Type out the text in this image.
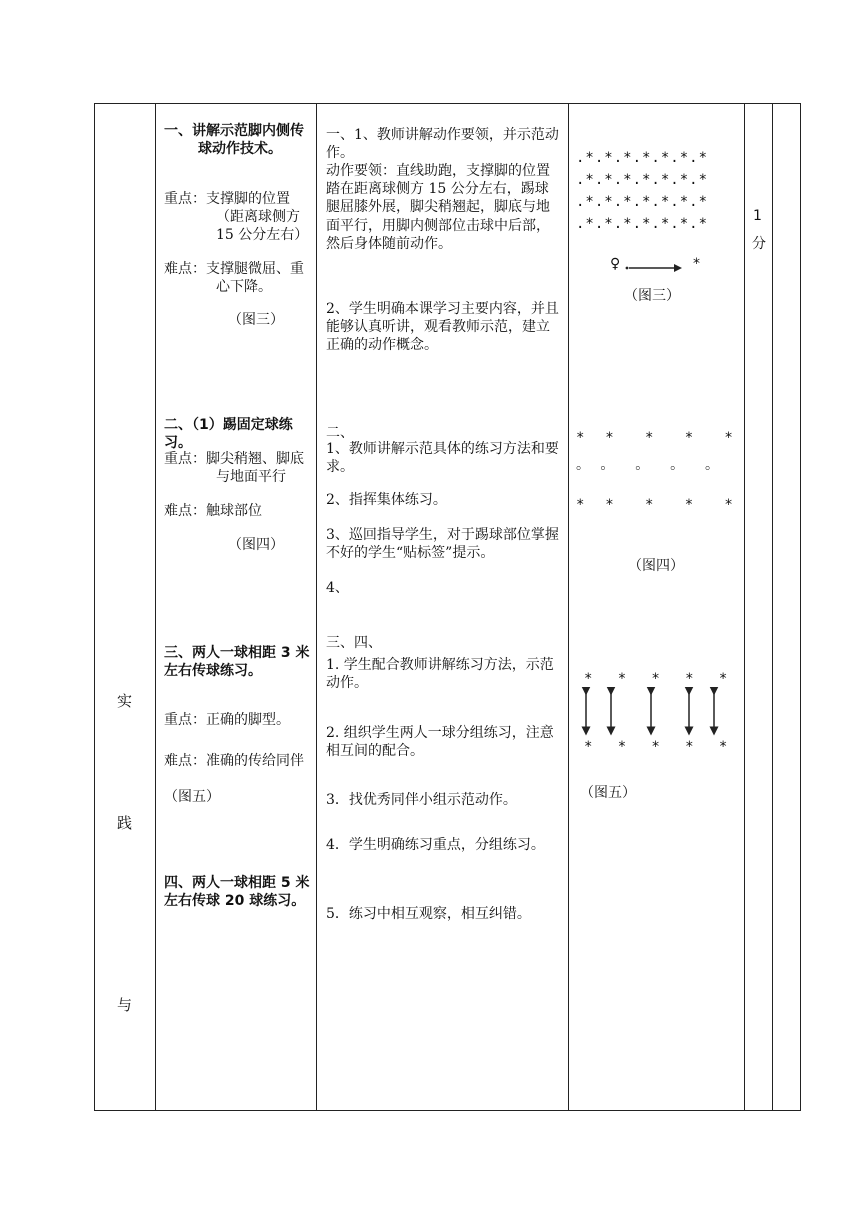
实
践
与
一、讲解示范脚内侧传球动作技术。
重点：支撑脚的位置（距离球侧方 15 公分左右）
难点：支撑腿微屈、重心下降。
（图三）
二、（1）踢固定球练习。
重点：脚尖稍翘、脚底与地面平行
难点：触球部位
（图四）
三、两人一球相距 3 米左右传球练习。
重点：正确的脚型。
难点：准确的传给同伴
（图五）
四、两人一球相距 5 米左右传球 20 球练习。
一、1、教师讲解动作要领，并示范动作。
动作要领：直线助跑，支撑脚的位置踏在距离球侧方 15 公分左右，踢球腿屈膝外展，脚尖稍翘起，脚底与地面平行，用脚内侧部位击球中后部，然后身体随前动作。
2、学生明确本课学习主要内容，并且能够认真听讲，观看教师示范，建立正确的动作概念。
二、
1、教师讲解示范具体的练习方法和要求。
2、指挥集体练习。
3、巡回指导学生，对于踢球部位掌握不好的学生“贴标签”提示。
4、
三、四、
1. 学生配合教师讲解练习方法，示范动作。
2. 组织学生两人一球分组练习，注意相互间的配合。
3．找优秀同伴小组示范动作。
4．学生明确练习重点，分组练习。
5．练习中相互观察，相互纠错。
.*.*.*.*.*.*.*
.*.*.*.*.*.*.*
.*.*.*.*.*.*.*
.*.*.*.*.*.*.*
♀	*
（图三）
*  *   *   *   *
。 。  。  。  。
*  *   *   *   *
（图四）
*   *   *   *   *
*   *   *   *   *
（图五）
1
分
